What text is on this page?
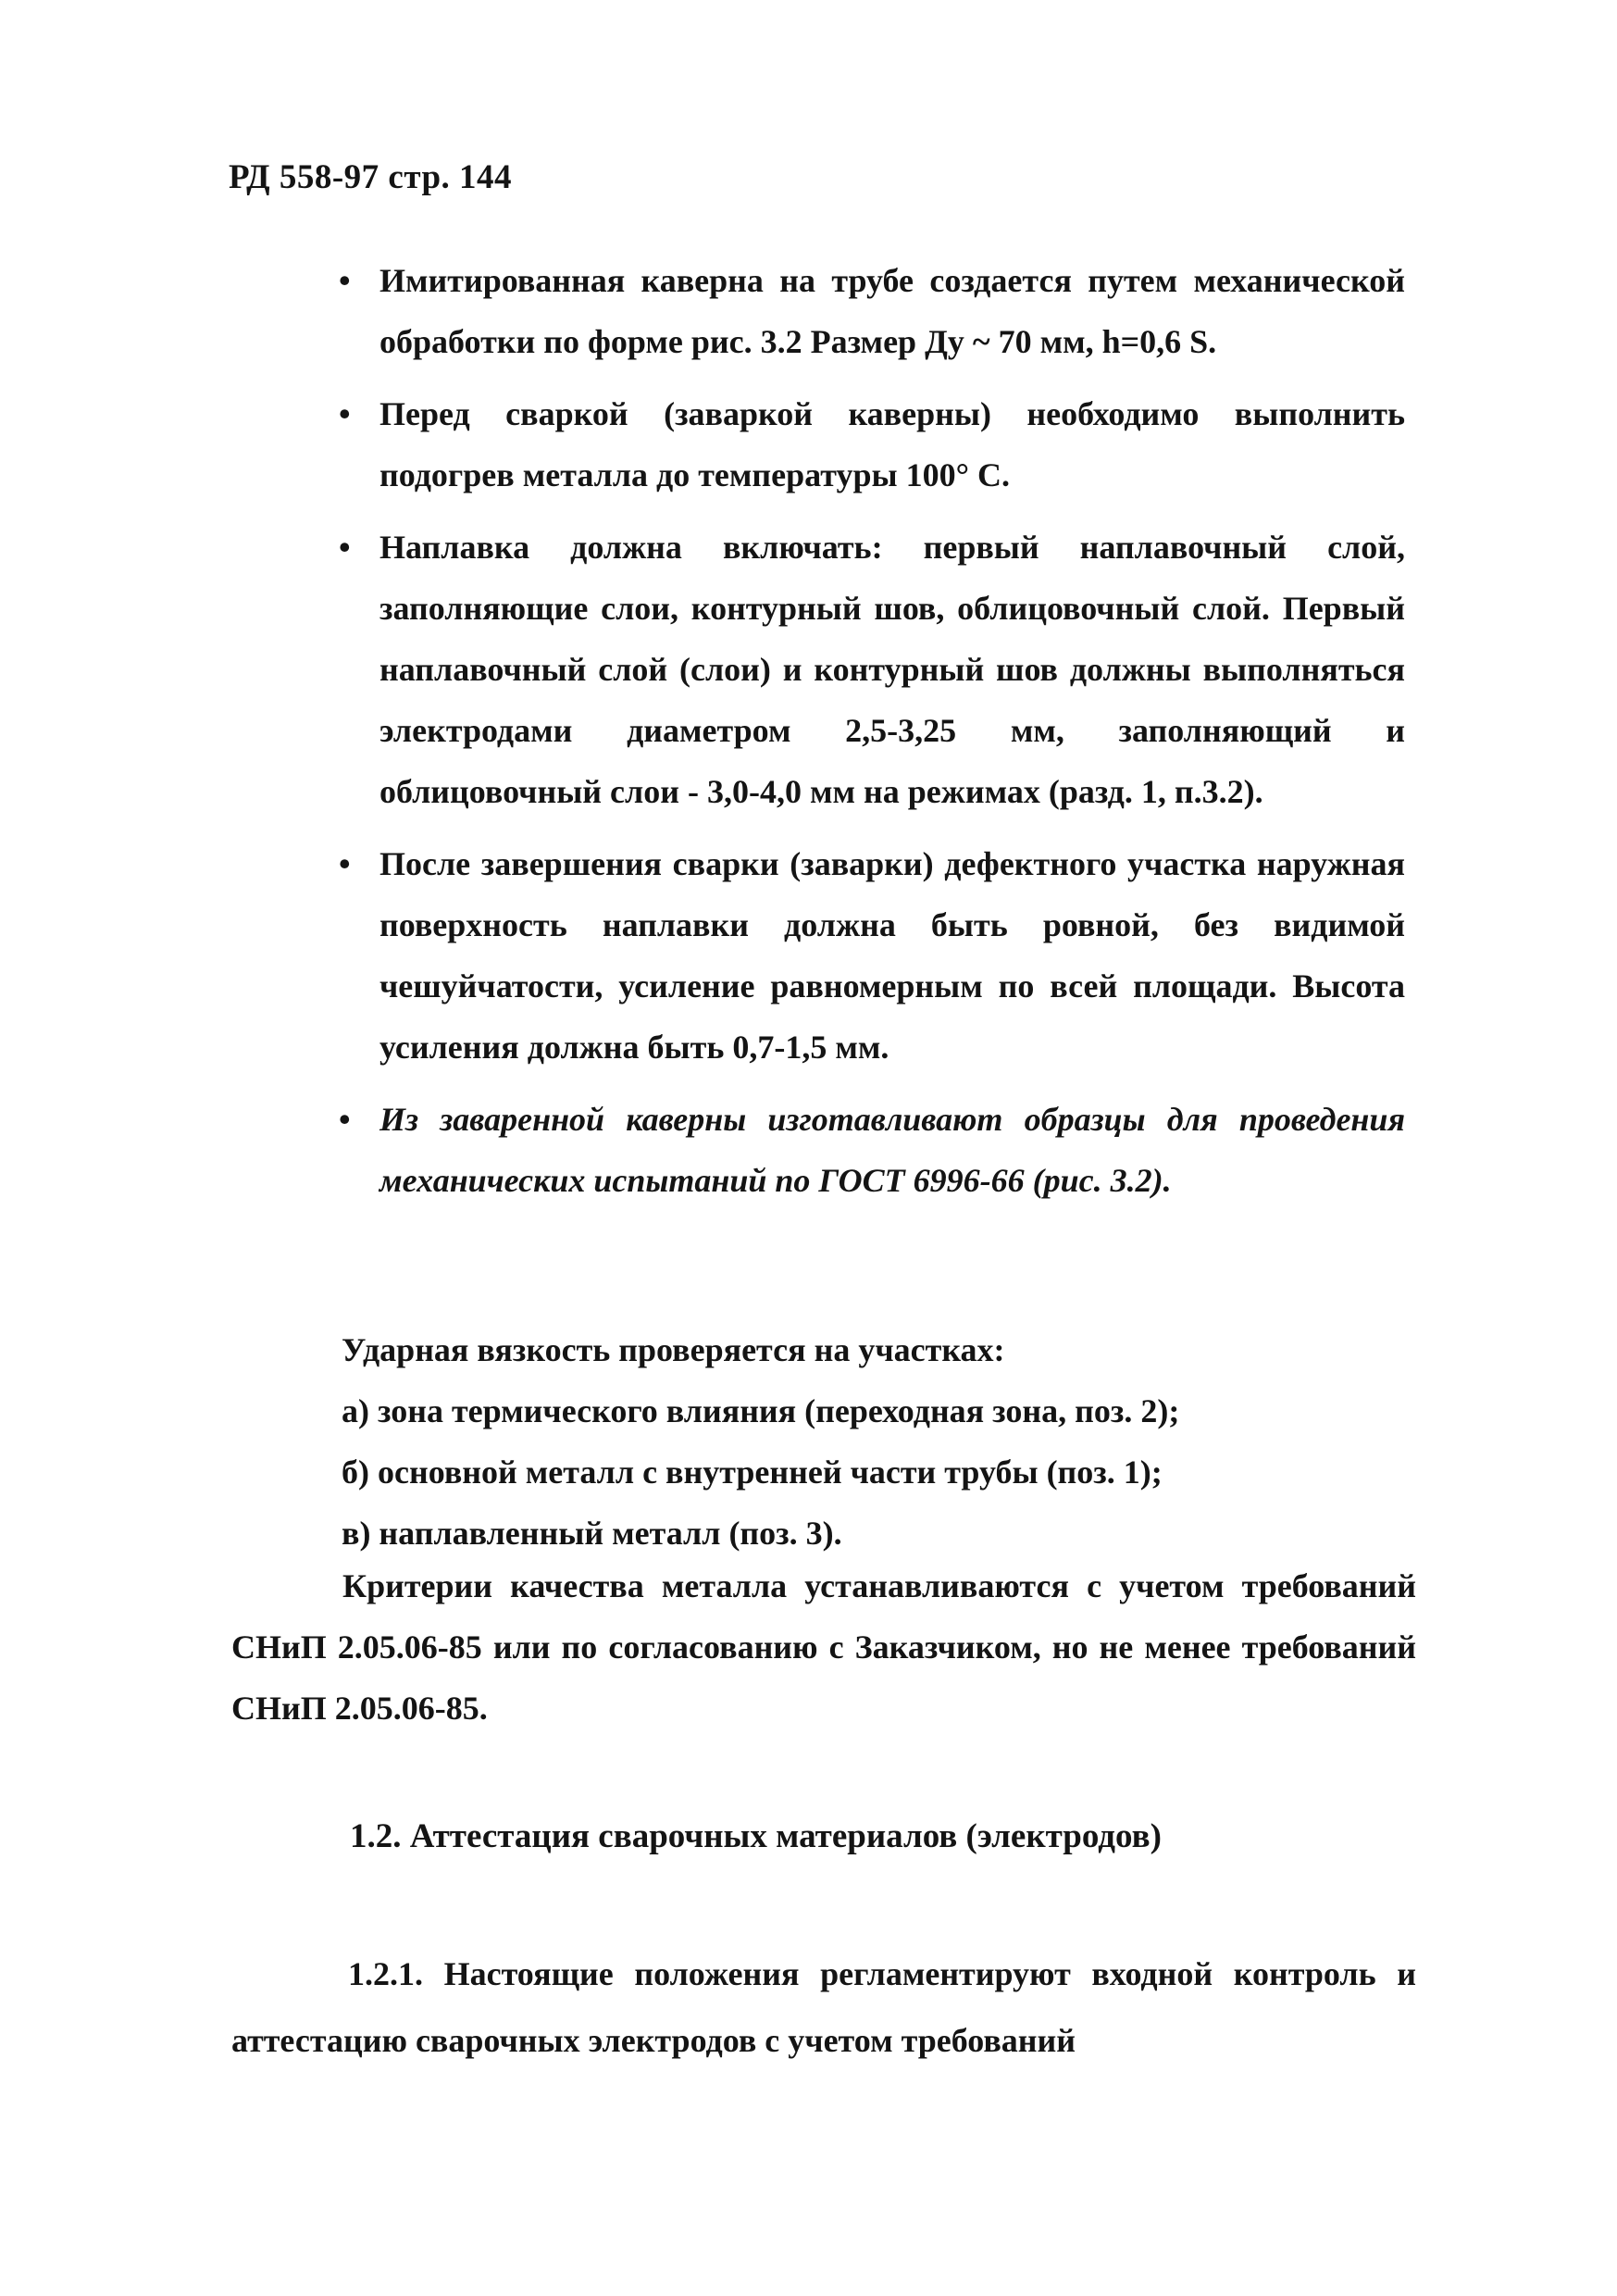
РД 558-97 стр. 144
• Имитированная каверна на трубе создается путем механической обработки по форме рис. 3.2 Размер Дy ~ 70 мм, h=0,6 S.
• Перед сваркой (заваркой каверны) необходимо выполнить подогрев металла до температуры 100° С.
• Наплавка должна включать: первый наплавочный слой, заполняющие слои, контурный шов, облицовочный слой. Первый наплавочный слой (слои) и контурный шов должны выполняться электродами диаметром 2,5-3,25 мм, заполняющий и облицовочный слои - 3,0-4,0 мм на режимах (разд. 1, п.3.2).
• После завершения сварки (заварки) дефектного участка наружная поверхность наплавки должна быть ровной, без видимой чешуйчатости, усиление равномерным по всей площади. Высота усиления должна быть 0,7-1,5 мм.
• Из заваренной каверны изготавливают образцы для проведения механических испытаний по ГОСТ 6996-66 (рис. 3.2).
Ударная вязкость проверяется на участках:
а) зона термического влияния (переходная зона, поз. 2);
б) основной металл с внутренней части трубы (поз. 1);
в) наплавленный металл (поз. 3).
Критерии качества металла устанавливаются с учетом требований СНиП 2.05.06-85 или по согласованию с Заказчиком, но не менее требований СНиП 2.05.06-85.
1.2. Аттестация сварочных материалов (электродов)
1.2.1. Настоящие положения регламентируют входной контроль и аттестацию сварочных электродов с учетом требований
